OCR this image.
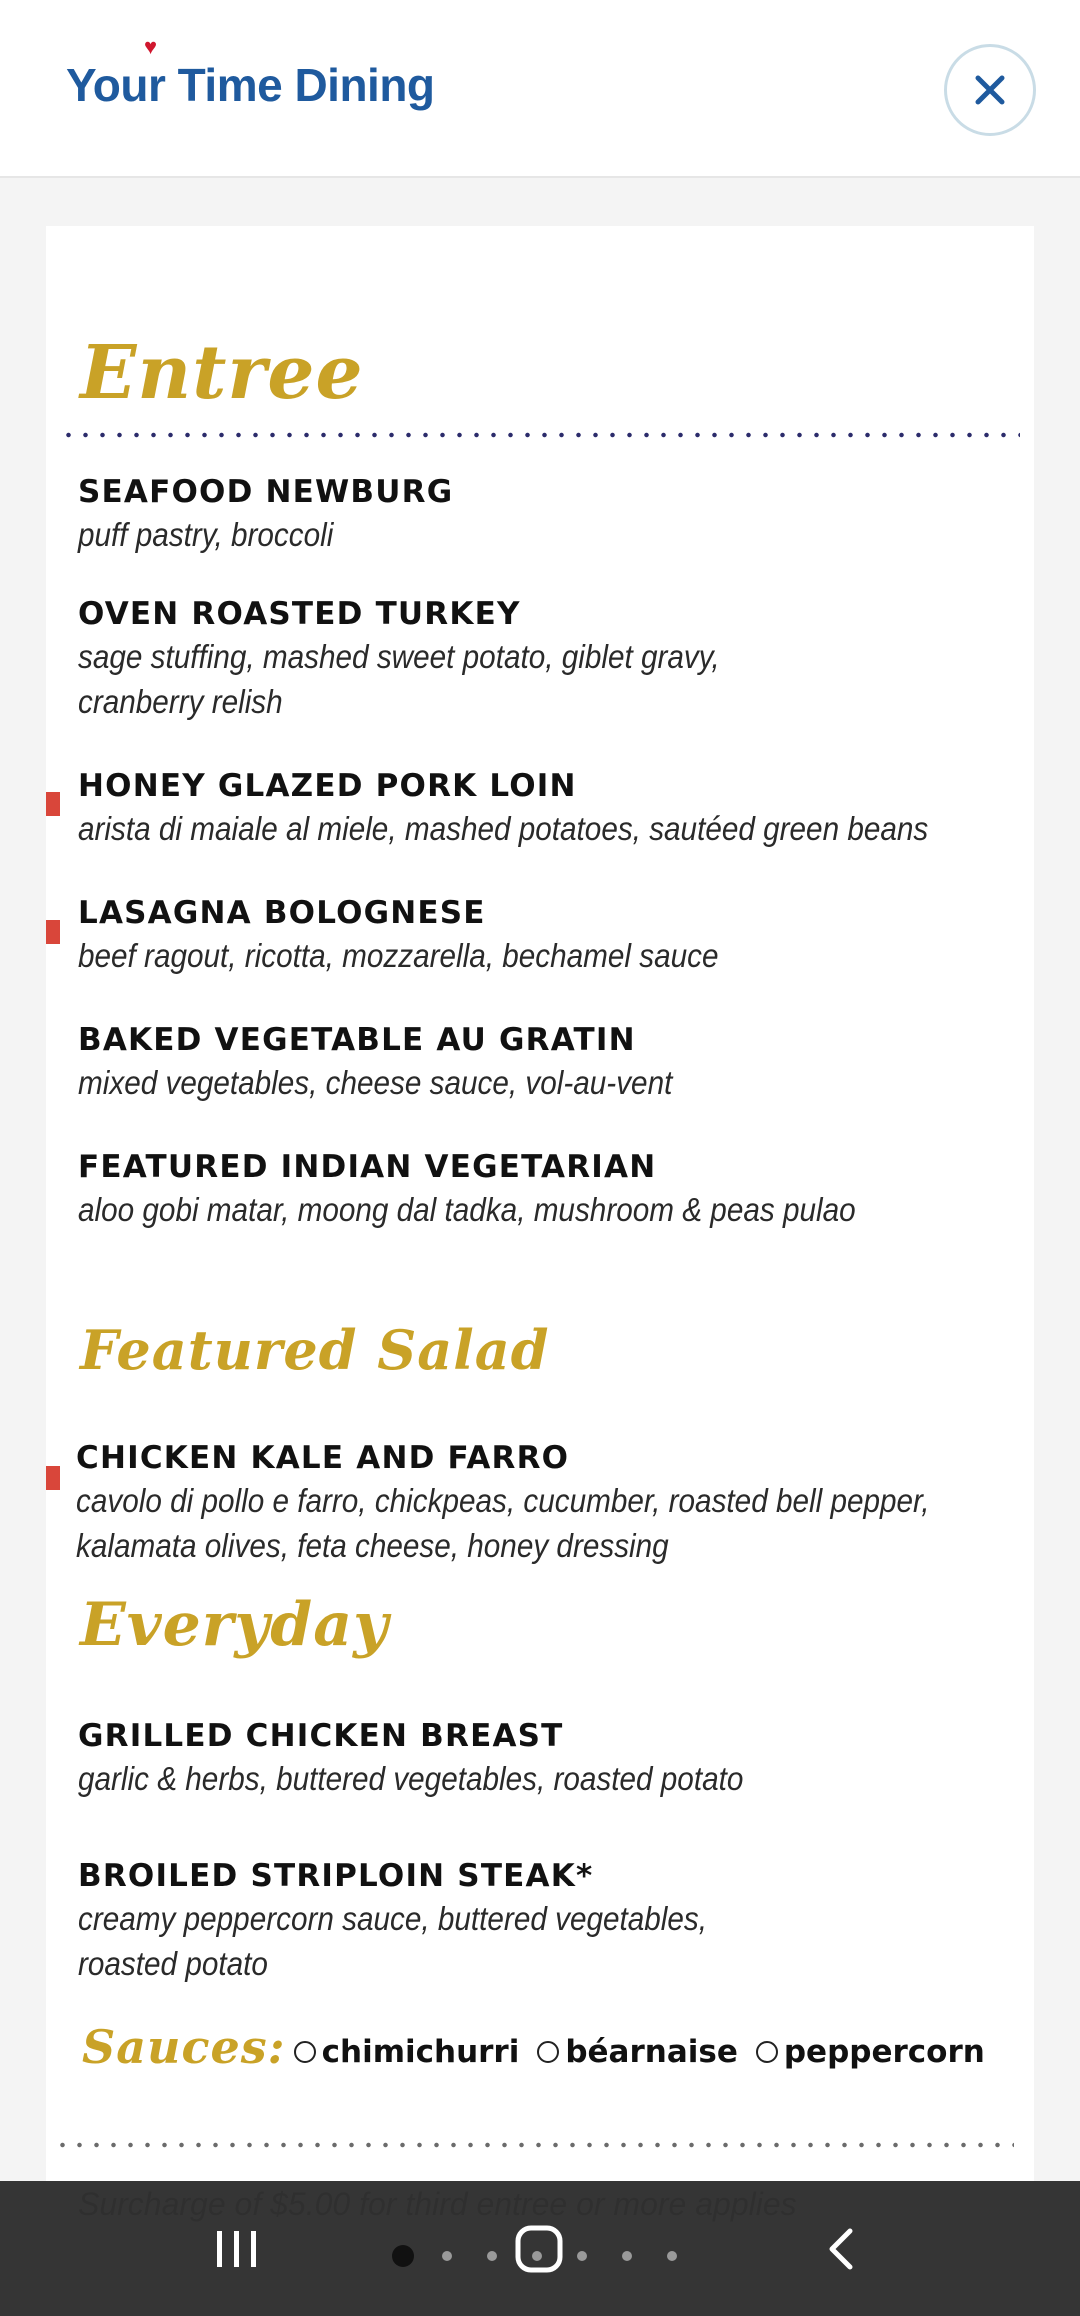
♥
Your Time Dining
Entree
SEAFOOD NEWBURG
puff pastry, broccoli
OVEN ROASTED TURKEY
sage stuffing, mashed sweet potato, giblet gravy,
cranberry relish
HONEY GLAZED PORK LOIN
arista di maiale al miele, mashed potatoes, sautéed green beans
LASAGNA BOLOGNESE
beef ragout, ricotta, mozzarella, bechamel sauce
BAKED VEGETABLE AU GRATIN
mixed vegetables, cheese sauce, vol-au-vent
FEATURED INDIAN VEGETARIAN
aloo gobi matar, moong dal tadka, mushroom & peas pulao
Featured Salad
CHICKEN KALE AND FARRO
cavolo di pollo e farro, chickpeas, cucumber, roasted bell pepper,
kalamata olives, feta cheese, honey dressing
Everyday
GRILLED CHICKEN BREAST
garlic & herbs, buttered vegetables, roasted potato
BROILED STRIPLOIN STEAK*
creamy peppercorn sauce, buttered vegetables,
roasted potato
Sauces: chimichurri béarnaise peppercorn
